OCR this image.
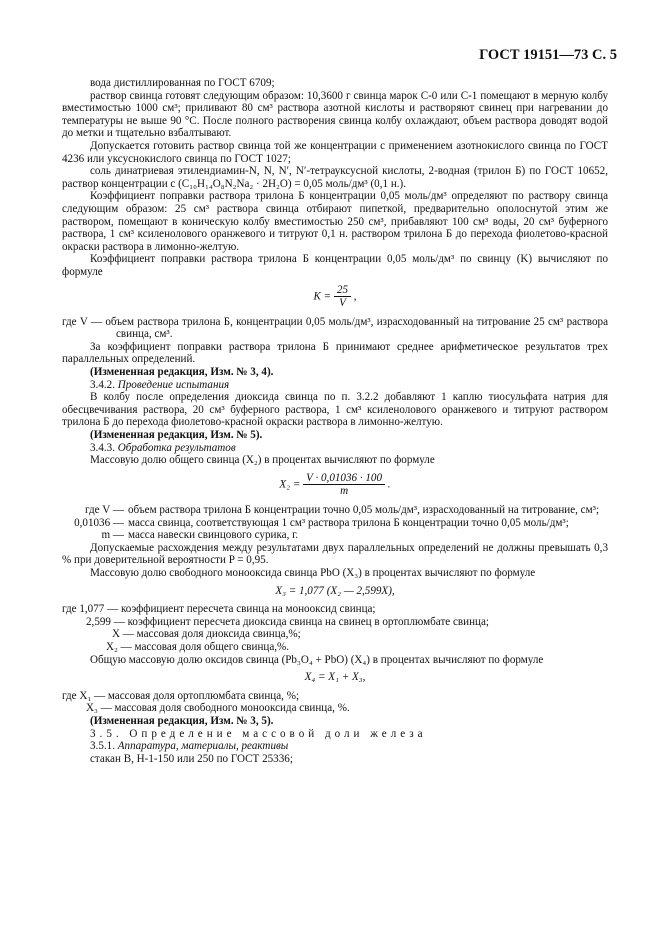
ГОСТ 19151—73 С. 5

вода дистиллированная по ГОСТ 6709;

раствор свинца готовят следующим образом: 10,3600 г свинца марок С-0 или С-1 помещают в мерную колбу вместимостью 1000 см³; приливают 80 см³ раствора азотной кислоты и растворяют свинец при нагревании до температуры не выше 90 °С. После полного растворения свинца колбу охлаждают, объем раствора доводят водой до метки и тщательно взбалтывают.

Допускается готовить раствор свинца той же концентрации с применением азотнокислого свинца по ГОСТ 4236 или уксуснокислого свинца по ГОСТ 1027;

соль динатриевая этилендиамин-N, N, N′, N′-тетрауксусной кислоты, 2-водная (трилон Б) по ГОСТ 10652, раствор концентрации c (C₁₀H₁₄O₈N₂Na₂ · 2H₂O) = 0,05 моль/дм³ (0,1 н.).

Коэффициент поправки раствора трилона Б концентрации 0,05 моль/дм³ определяют по раствору свинца следующим образом: 25 см³ раствора свинца отбирают пипеткой, предварительно ополоснутой этим же раствором, помещают в коническую колбу вместимостью 250 см³, прибавляют 100 см³ воды, 20 см³ буферного раствора, 1 см³ ксиленолового оранжевого и титруют 0,1 н. раствором трилона Б до перехода фиолетово-красной окраски раствора в лимонно-желтую.

Коэффициент поправки раствора трилона Б концентрации 0,05 моль/дм³ по свинцу (K) вычисляют по формуле

$K = \frac{25}{V}$ ,

где V — объем раствора трилона Б, концентрации 0,05 моль/дм³, израсходованный на титрование 25 см³ раствора свинца, см³.

За коэффициент поправки раствора трилона Б принимают среднее арифметическое результатов трех параллельных определений.

(Измененная редакция, Изм. № 3, 4).

3.4.2. Проведение испытания

В колбу после определения диоксида свинца по п. 3.2.2 добавляют 1 каплю тиосульфата натрия для обесцвечивания раствора, 20 см³ буферного раствора, 1 см³ ксиленолового оранжевого и титруют раствором трилона Б до перехода фиолетово-красной окраски раствора в лимонно-желтую.

(Измененная редакция, Изм. № 5).

3.4.3. Обработка результатов

Массовую долю общего свинца (X₂) в процентах вычисляют по формуле

$X_2 = \frac{V \cdot 0,01036 \cdot 100}{m}$ .
где V —	объем раствора трилона Б концентрации точно 0,05 моль/дм³, израсходованный на титрование, см³;
0,01036 —	масса свинца, соответствующая 1 см³ раствора трилона Б концентрации точно 0,05 моль/дм³;
m —	масса навески свинцового сурика, г.

Допускаемые расхождения между результатами двух параллельных определений не должны превышать 0,3 % при доверительной вероятности P = 0,95.

Массовую долю свободного монооксида свинца PbO (X₃) в процентах вычисляют по формуле

X₃ = 1,077 (X₂ — 2,599X),

где 1,077 — коэффициент пересчета свинца на монооксид свинца;

2,599 — коэффициент пересчета диоксида свинца на свинец в ортоплюмбате свинца;

X — массовая доля диоксида свинца,%;

X₂ — массовая доля общего свинца,%.

Общую массовую долю оксидов свинца (Pb₃O₄ + PbO) (X₄) в процентах вычисляют по формуле

X₄ = X₁ + X₃,

где X₁ — массовая доля ортоплюмбата свинца, %;

X₃ — массовая доля свободного монооксида свинца, %.

(Измененная редакция, Изм. № 3, 5).

3.5. Определение массовой доли железа

3.5.1. Аппаратура, материалы, реактивы

стакан В, Н-1-150 или 250 по ГОСТ 25336;
